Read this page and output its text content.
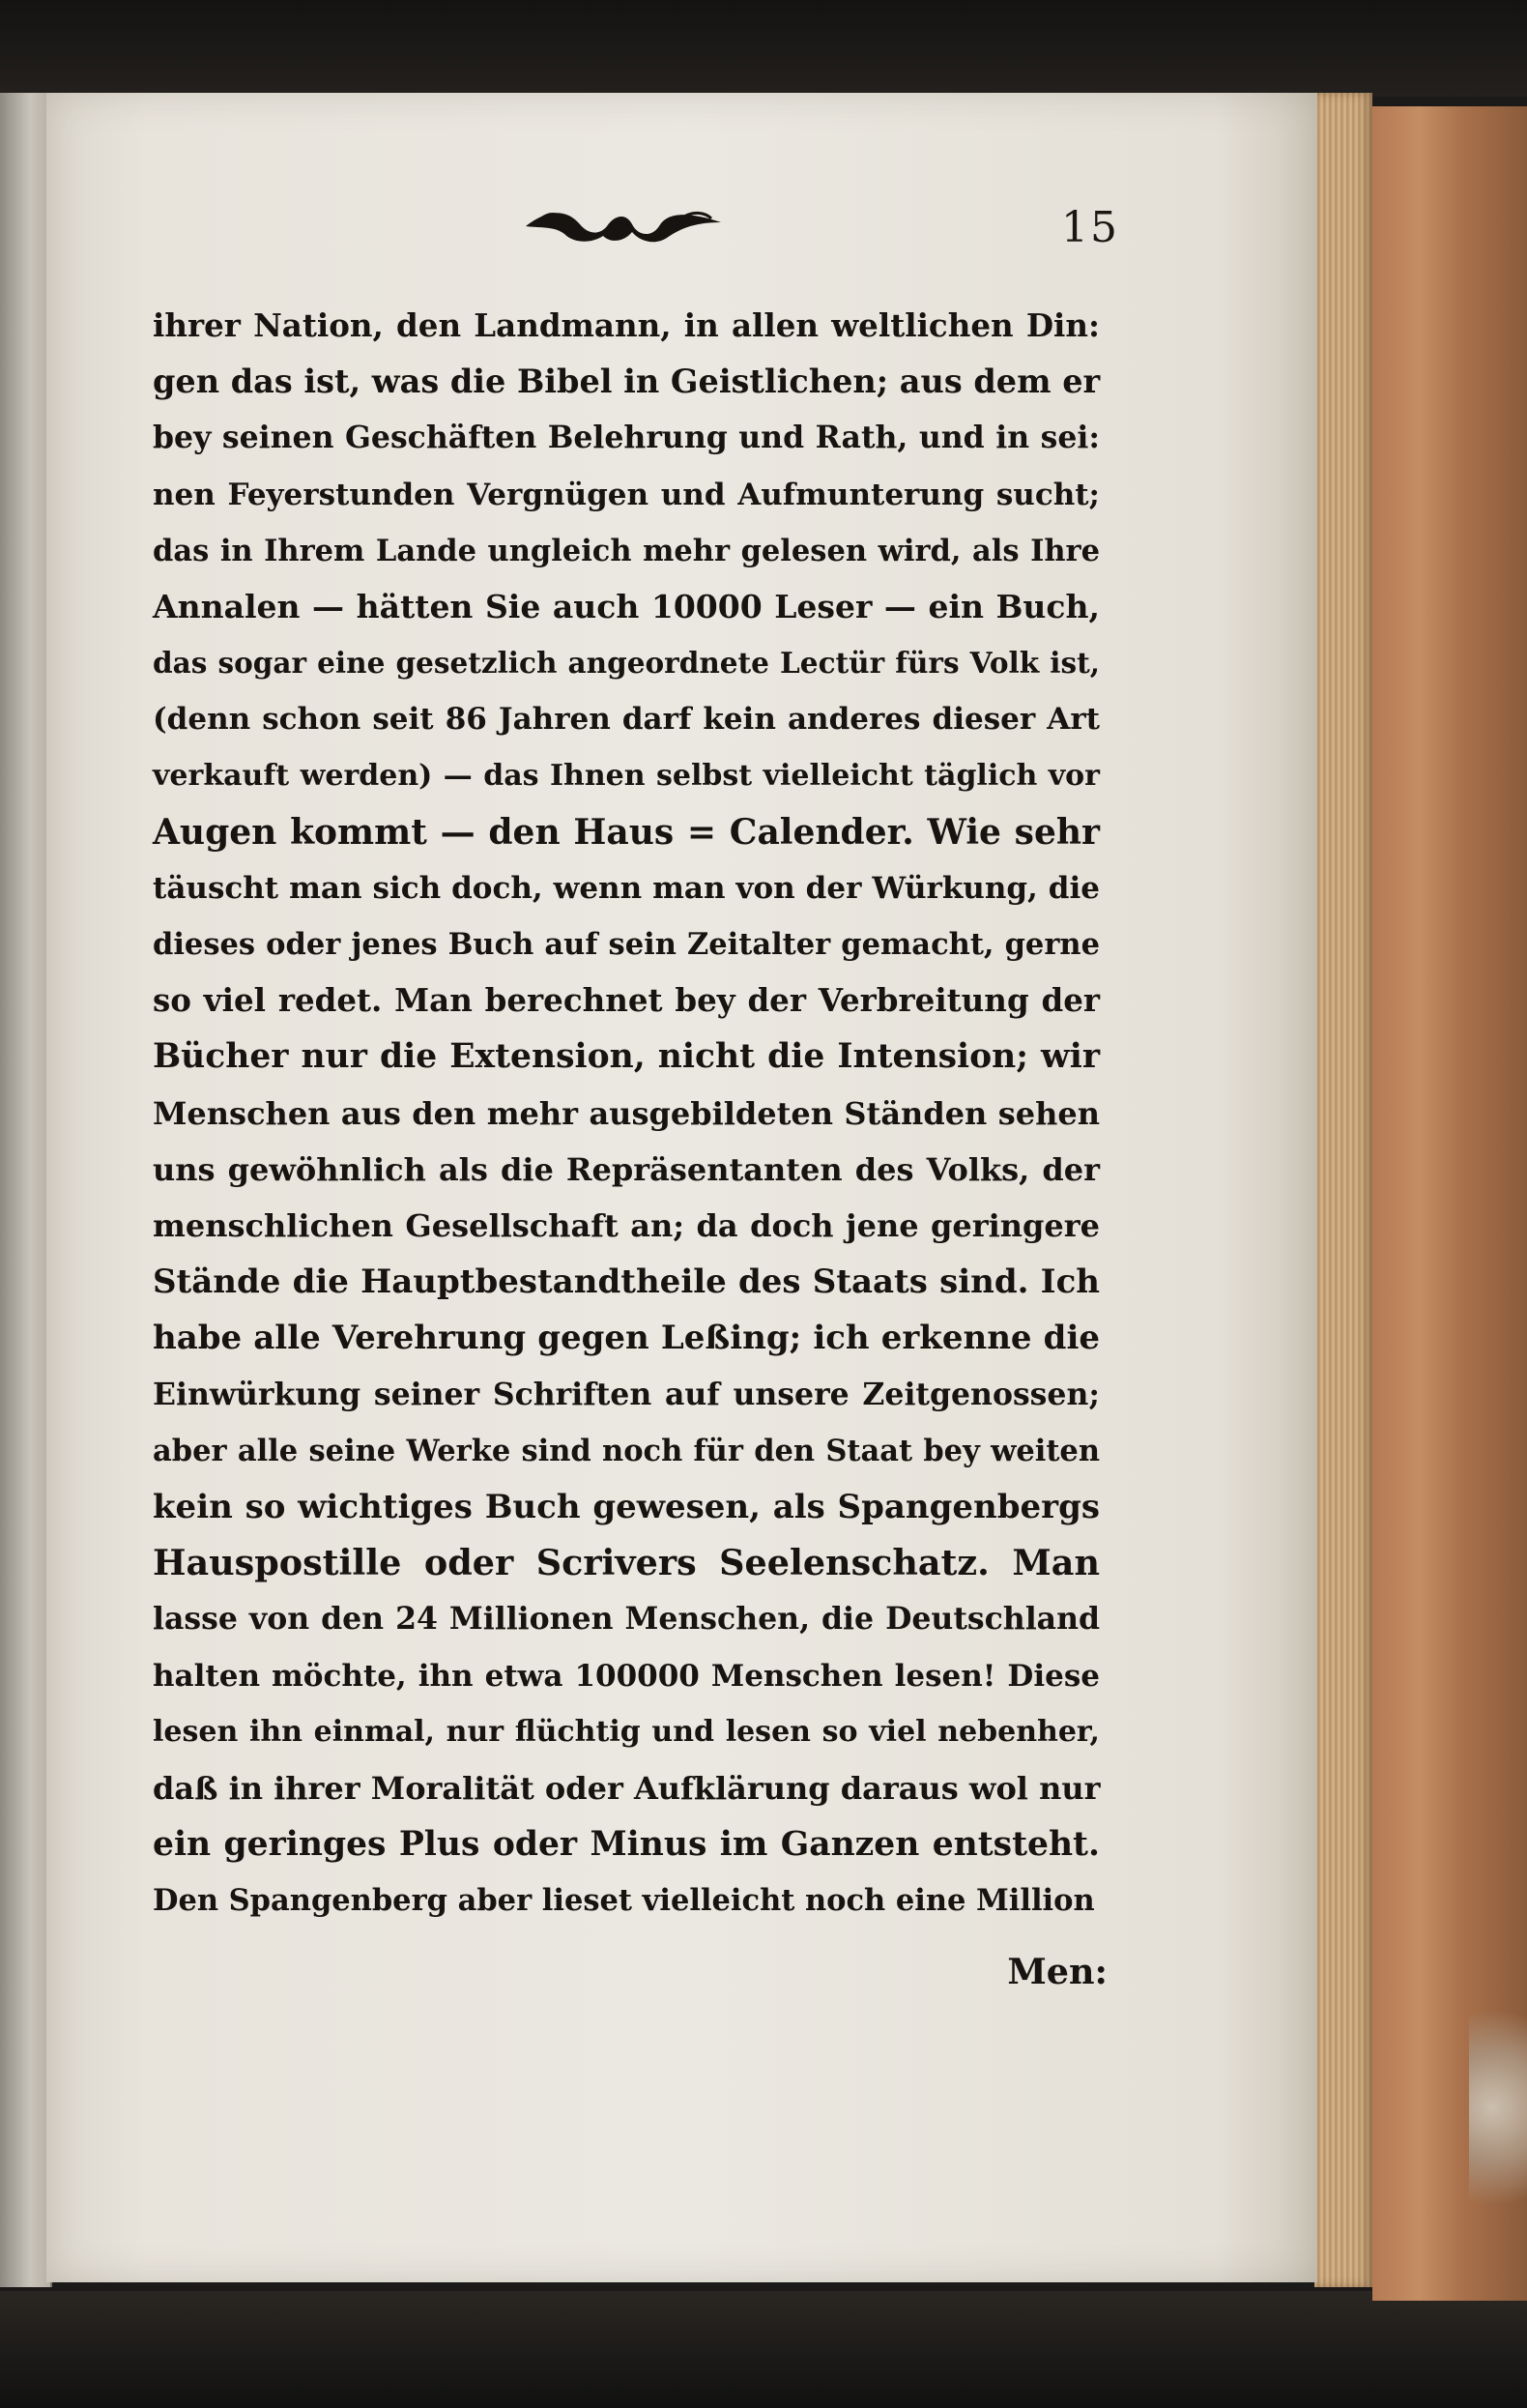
15
ihrer Nation, den Landmann, in allen weltlichen Din:
gen das ist, was die Bibel in Geistlichen; aus dem er
bey seinen Geschäften Belehrung und Rath, und in sei:
nen Feyerstunden Vergnügen und Aufmunterung sucht;
das in Ihrem Lande ungleich mehr gelesen wird, als Ihre
Annalen — hätten Sie auch 10000 Leser — ein Buch,
das sogar eine gesetzlich angeordnete Lectür fürs Volk ist,
(denn schon seit 86 Jahren darf kein anderes dieser Art
verkauft werden) — das Ihnen selbst vielleicht täglich vor
Augen kommt — den Haus = Calender. Wie sehr
täuscht man sich doch, wenn man von der Würkung, die
dieses oder jenes Buch auf sein Zeitalter gemacht, gerne
so viel redet. Man berechnet bey der Verbreitung der
Bücher nur die Extension, nicht die Intension; wir
Menschen aus den mehr ausgebildeten Ständen sehen
uns gewöhnlich als die Repräsentanten des Volks, der
menschlichen Gesellschaft an; da doch jene geringere
Stände die Hauptbestandtheile des Staats sind. Ich
habe alle Verehrung gegen Leßing; ich erkenne die
Einwürkung seiner Schriften auf unsere Zeitgenossen;
aber alle seine Werke sind noch für den Staat bey weiten
kein so wichtiges Buch gewesen, als Spangenbergs
Hauspostille oder Scrivers Seelenschatz. Man
lasse von den 24 Millionen Menschen, die Deutschland
halten möchte, ihn etwa 100000 Menschen lesen! Diese
lesen ihn einmal, nur flüchtig und lesen so viel nebenher,
daß in ihrer Moralität oder Aufklärung daraus wol nur
ein geringes Plus oder Minus im Ganzen entsteht.
Den Spangenberg aber lieset vielleicht noch eine Million
Men:
